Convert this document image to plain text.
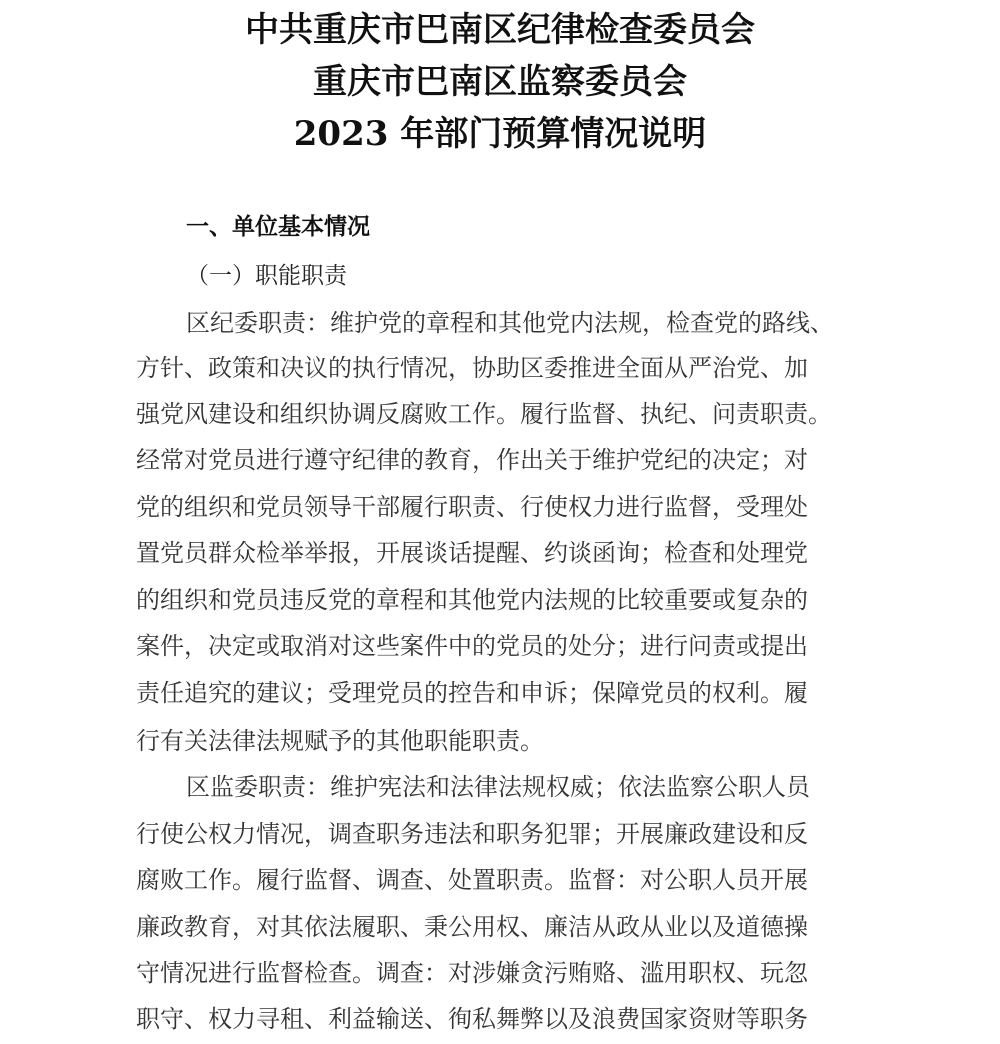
中共重庆市巴南区纪律检查委员会
重庆市巴南区监察委员会
2023 年部门预算情况说明
一、单位基本情况
（一）职能职责
区纪委职责：维护党的章程和其他党内法规，检查党的路线、
方针、政策和决议的执行情况，协助区委推进全面从严治党、加
强党风建设和组织协调反腐败工作。履行监督、执纪、问责职责。
经常对党员进行遵守纪律的教育，作出关于维护党纪的决定；对
党的组织和党员领导干部履行职责、行使权力进行监督，受理处
置党员群众检举举报，开展谈话提醒、约谈函询；检查和处理党
的组织和党员违反党的章程和其他党内法规的比较重要或复杂的
案件，决定或取消对这些案件中的党员的处分；进行问责或提出
责任追究的建议；受理党员的控告和申诉；保障党员的权利。履
行有关法律法规赋予的其他职能职责。
区监委职责：维护宪法和法律法规权威；依法监察公职人员
行使公权力情况，调查职务违法和职务犯罪；开展廉政建设和反
腐败工作。履行监督、调查、处置职责。监督：对公职人员开展
廉政教育，对其依法履职、秉公用权、廉洁从政从业以及道德操
守情况进行监督检查。调查：对涉嫌贪污贿赂、滥用职权、玩忽
职守、权力寻租、利益输送、徇私舞弊以及浪费国家资财等职务
